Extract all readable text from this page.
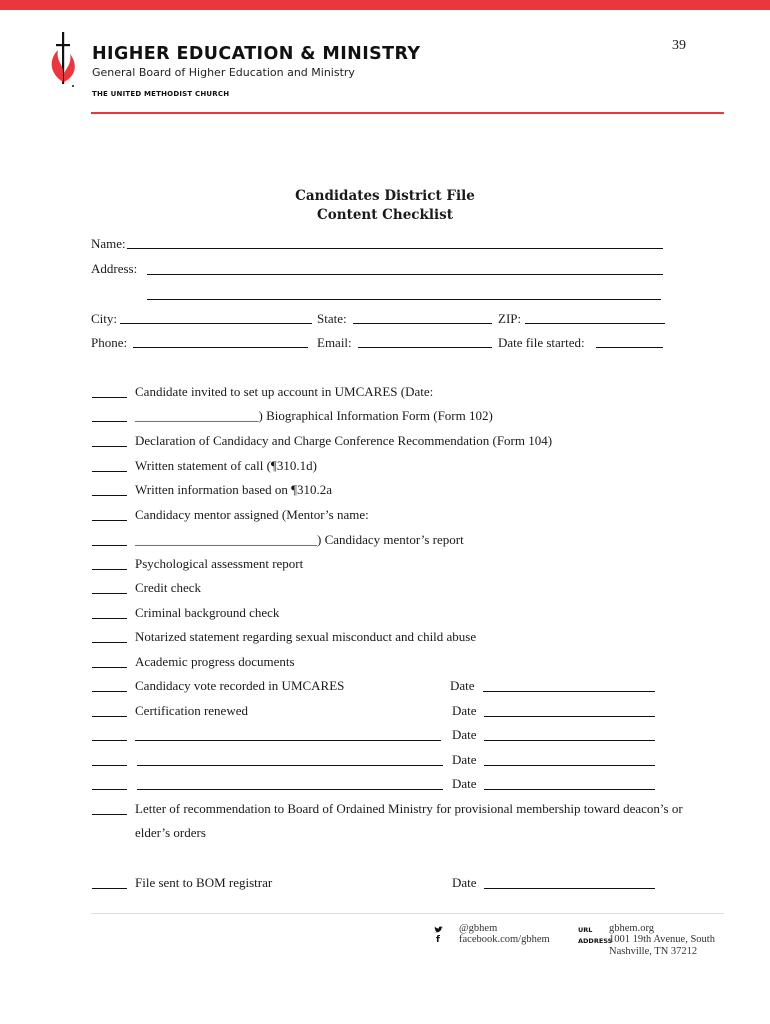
39
HIGHER EDUCATION & MINISTRY
General Board of Higher Education and Ministry
THE UNITED METHODIST CHURCH
Candidates District File
Content Checklist
Name:
Address:
City:	State:	ZIP:
Phone:	Email:	Date file started:
Candidate invited to set up account in UMCARES (Date:
___________________) Biographical Information Form (Form 102)
Declaration of Candidacy and Charge Conference Recommendation (Form 104)
Written statement of call (¶310.1d)
Written information based on ¶310.2a
Candidacy mentor assigned (Mentor’s name:
____________________________) Candidacy mentor’s report
Psychological assessment report
Credit check
Criminal background check
Notarized statement regarding sexual misconduct and child abuse
Academic progress documents
Candidacy vote recorded in UMCARES	Date
Certification renewed	Date
Date
Date
Date
Letter of recommendation to Board of Ordained Ministry for provisional membership toward deacon’s or
elder’s orders
File sent to BOM registrar	Date
f
@gbhem
facebook.com/gbhem
URL gbhem.org
ADDRESS
1001 19th Avenue, South
Nashville, TN 37212
